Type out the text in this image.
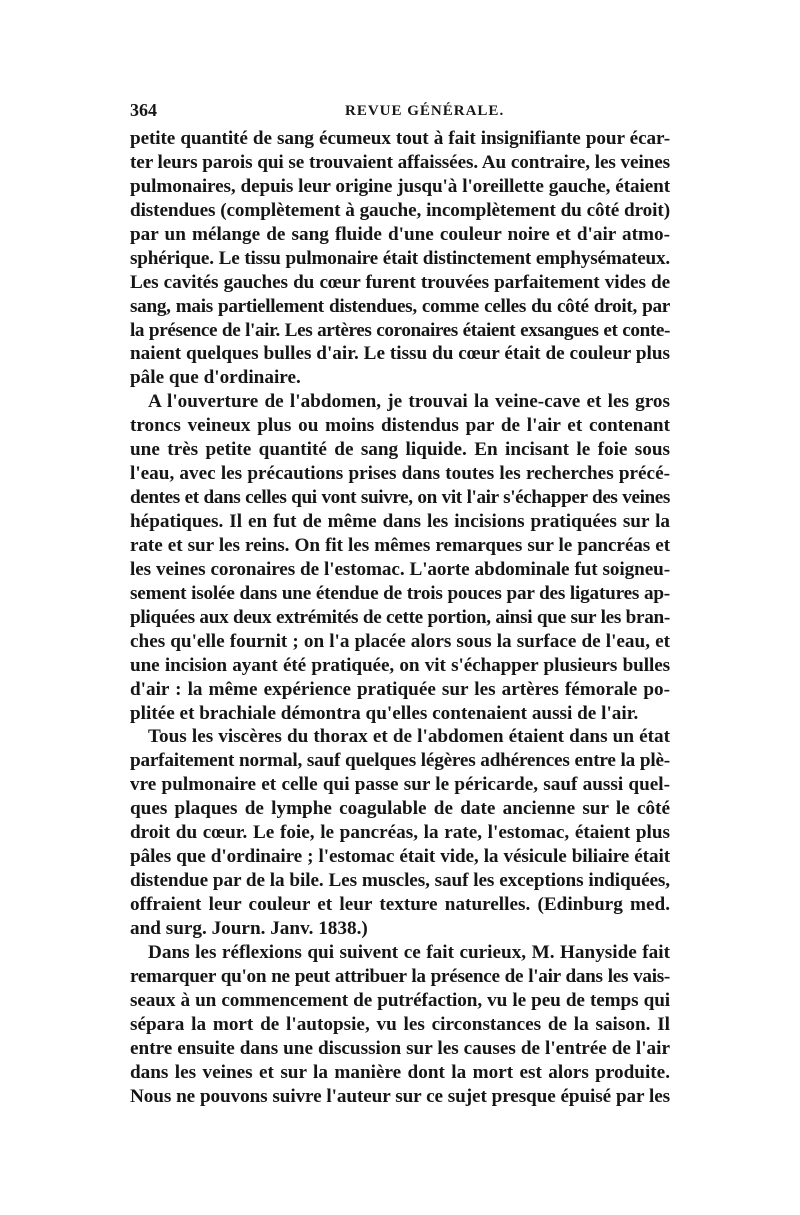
364	REVUE GÉNÉRALE.
petite quantité de sang écumeux tout à fait insignifiante pour écar-
ter leurs parois qui se trouvaient affaissées. Au contraire, les veines
pulmonaires, depuis leur origine jusqu'à l'oreillette gauche, étaient
distendues (complètement à gauche, incomplètement du côté droit)
par un mélange de sang fluide d'une couleur noire et d'air atmo-
sphérique. Le tissu pulmonaire était distinctement emphysémateux.
Les cavités gauches du cœur furent trouvées parfaitement vides de
sang, mais partiellement distendues, comme celles du côté droit, par
la présence de l'air. Les artères coronaires étaient exsangues et conte-
naient quelques bulles d'air. Le tissu du cœur était de couleur plus
pâle que d'ordinaire.
A l'ouverture de l'abdomen, je trouvai la veine-cave et les gros
troncs veineux plus ou moins distendus par de l'air et contenant
une très petite quantité de sang liquide. En incisant le foie sous
l'eau, avec les précautions prises dans toutes les recherches précé-
dentes et dans celles qui vont suivre, on vit l'air s'échapper des veines
hépatiques. Il en fut de même dans les incisions pratiquées sur la
rate et sur les reins. On fit les mêmes remarques sur le pancréas et
les veines coronaires de l'estomac. L'aorte abdominale fut soigneu-
sement isolée dans une étendue de trois pouces par des ligatures ap-
pliquées aux deux extrémités de cette portion, ainsi que sur les bran-
ches qu'elle fournit ; on l'a placée alors sous la surface de l'eau, et
une incision ayant été pratiquée, on vit s'échapper plusieurs bulles
d'air : la même expérience pratiquée sur les artères fémorale po-
plitée et brachiale démontra qu'elles contenaient aussi de l'air.
Tous les viscères du thorax et de l'abdomen étaient dans un état
parfaitement normal, sauf quelques légères adhérences entre la plè-
vre pulmonaire et celle qui passe sur le péricarde, sauf aussi quel-
ques plaques de lymphe coagulable de date ancienne sur le côté
droit du cœur. Le foie, le pancréas, la rate, l'estomac, étaient plus
pâles que d'ordinaire ; l'estomac était vide, la vésicule biliaire était
distendue par de la bile. Les muscles, sauf les exceptions indiquées,
offraient leur couleur et leur texture naturelles. (Edinburg med.
and surg. Journ. Janv. 1838.)
Dans les réflexions qui suivent ce fait curieux, M. Hanyside fait
remarquer qu'on ne peut attribuer la présence de l'air dans les vais-
seaux à un commencement de putréfaction, vu le peu de temps qui
sépara la mort de l'autopsie, vu les circonstances de la saison. Il
entre ensuite dans une discussion sur les causes de l'entrée de l'air
dans les veines et sur la manière dont la mort est alors produite.
Nous ne pouvons suivre l'auteur sur ce sujet presque épuisé par les
